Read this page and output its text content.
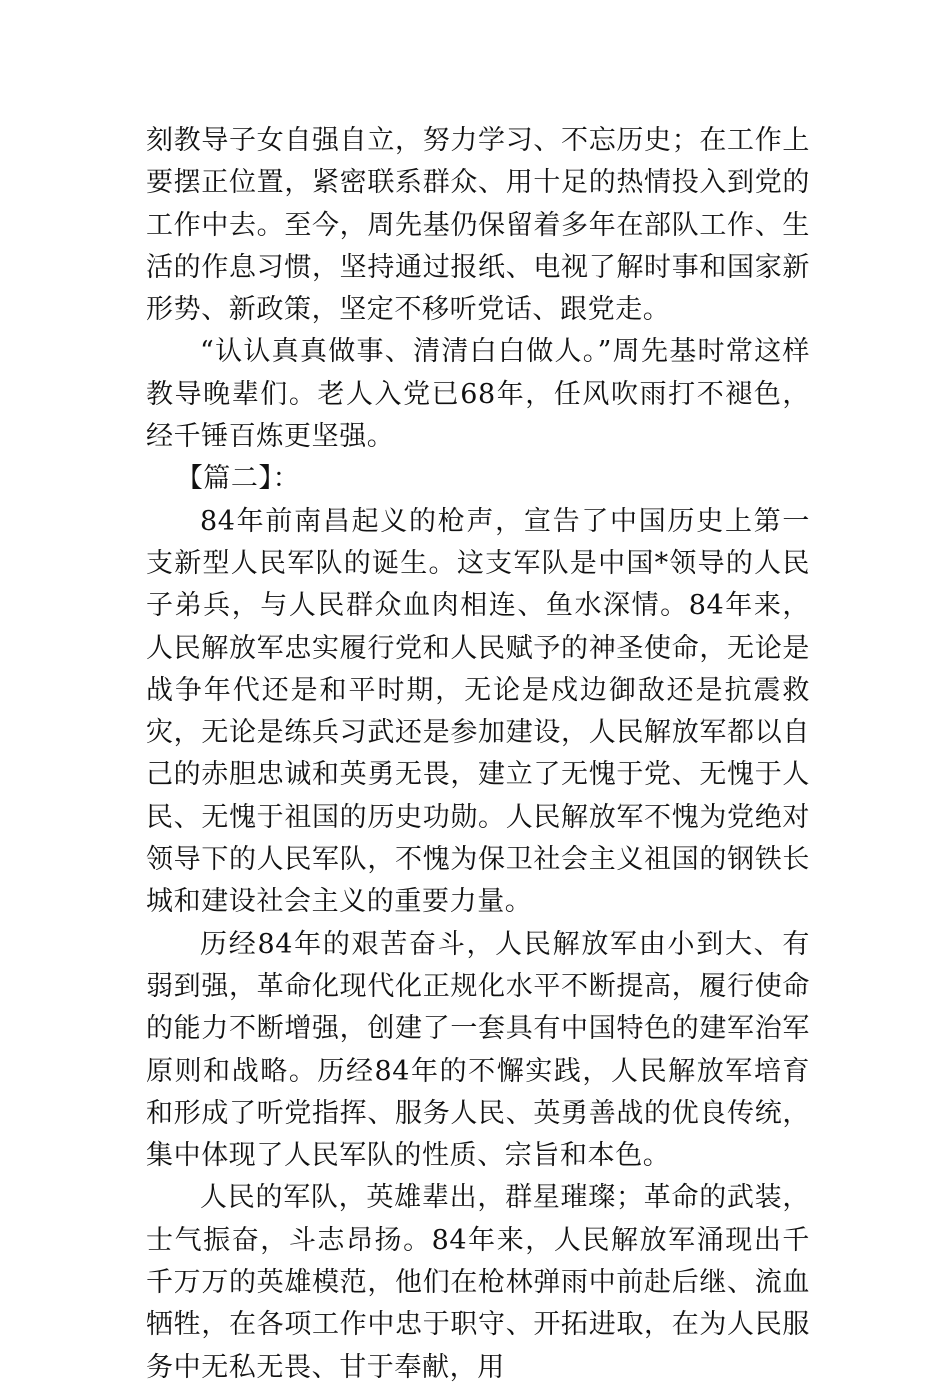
刻教导子女自强自立，努力学习、不忘历史；在工作上要摆正位置，紧密联系群众、用十足的热情投入到党的工作中去。至今，周先基仍保留着多年在部队工作、生活的作息习惯，坚持通过报纸、电视了解时事和国家新形势、新政策，坚定不移听党话、跟党走。

“认认真真做事、清清白白做人。”周先基时常这样教导晚辈们。老人入党已68年，任风吹雨打不褪色，经千锤百炼更坚强。

【篇二】：

84年前南昌起义的枪声，宣告了中国历史上第一支新型人民军队的诞生。这支军队是中国*领导的人民子弟兵，与人民群众血肉相连、鱼水深情。84年来，人民解放军忠实履行党和人民赋予的神圣使命，无论是战争年代还是和平时期，无论是戍边御敌还是抗震救灾，无论是练兵习武还是参加建设，人民解放军都以自己的赤胆忠诚和英勇无畏，建立了无愧于党、无愧于人民、无愧于祖国的历史功勋。人民解放军不愧为党绝对领导下的人民军队，不愧为保卫社会主义祖国的钢铁长城和建设社会主义的重要力量。

历经84年的艰苦奋斗，人民解放军由小到大、有弱到强，革命化现代化正规化水平不断提高，履行使命的能力不断增强，创建了一套具有中国特色的建军治军原则和战略。历经84年的不懈实践，人民解放军培育和形成了听党指挥、服务人民、英勇善战的优良传统，集中体现了人民军队的性质、宗旨和本色。

人民的军队，英雄辈出，群星璀璨；革命的武装，士气振奋，斗志昂扬。84年来，人民解放军涌现出千千万万的英雄模范，他们在枪林弹雨中前赴后继、流血牺牲，在各项工作中忠于职守、开拓进取，在为人民服务中无私无畏、甘于奉献，用
